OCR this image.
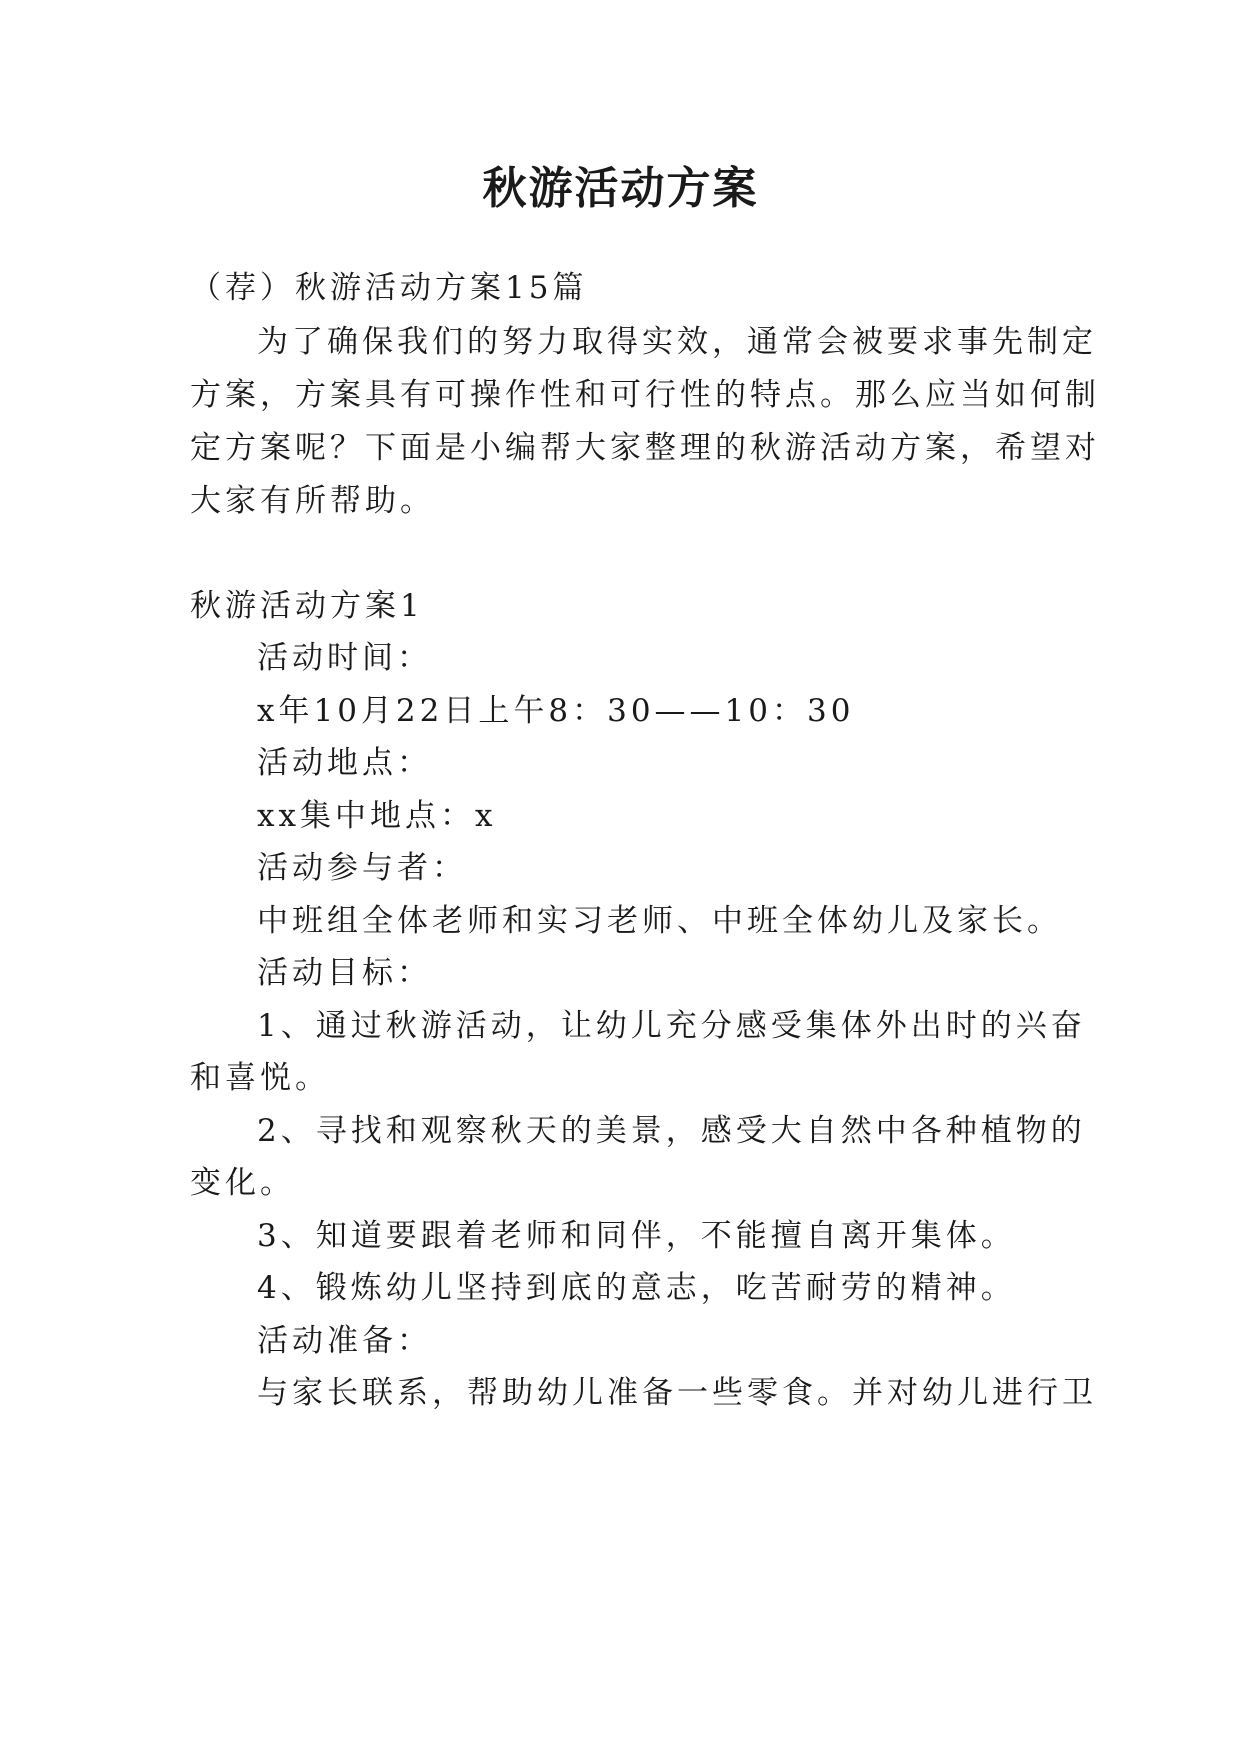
秋游活动方案
（荐）秋游活动方案15篇
为了确保我们的努力取得实效，通常会被要求事先制定
方案，方案具有可操作性和可行性的特点。那么应当如何制
定方案呢？下面是小编帮大家整理的秋游活动方案，希望对
大家有所帮助。
秋游活动方案1
活动时间：
x年10月22日上午8：30——10：30
活动地点：
xx集中地点：x
活动参与者：
中班组全体老师和实习老师、中班全体幼儿及家长。
活动目标：
1、通过秋游活动，让幼儿充分感受集体外出时的兴奋
和喜悦。
2、寻找和观察秋天的美景，感受大自然中各种植物的
变化。
3、知道要跟着老师和同伴，不能擅自离开集体。
4、锻炼幼儿坚持到底的意志，吃苦耐劳的精神。
活动准备：
与家长联系，帮助幼儿准备一些零食。并对幼儿进行卫
